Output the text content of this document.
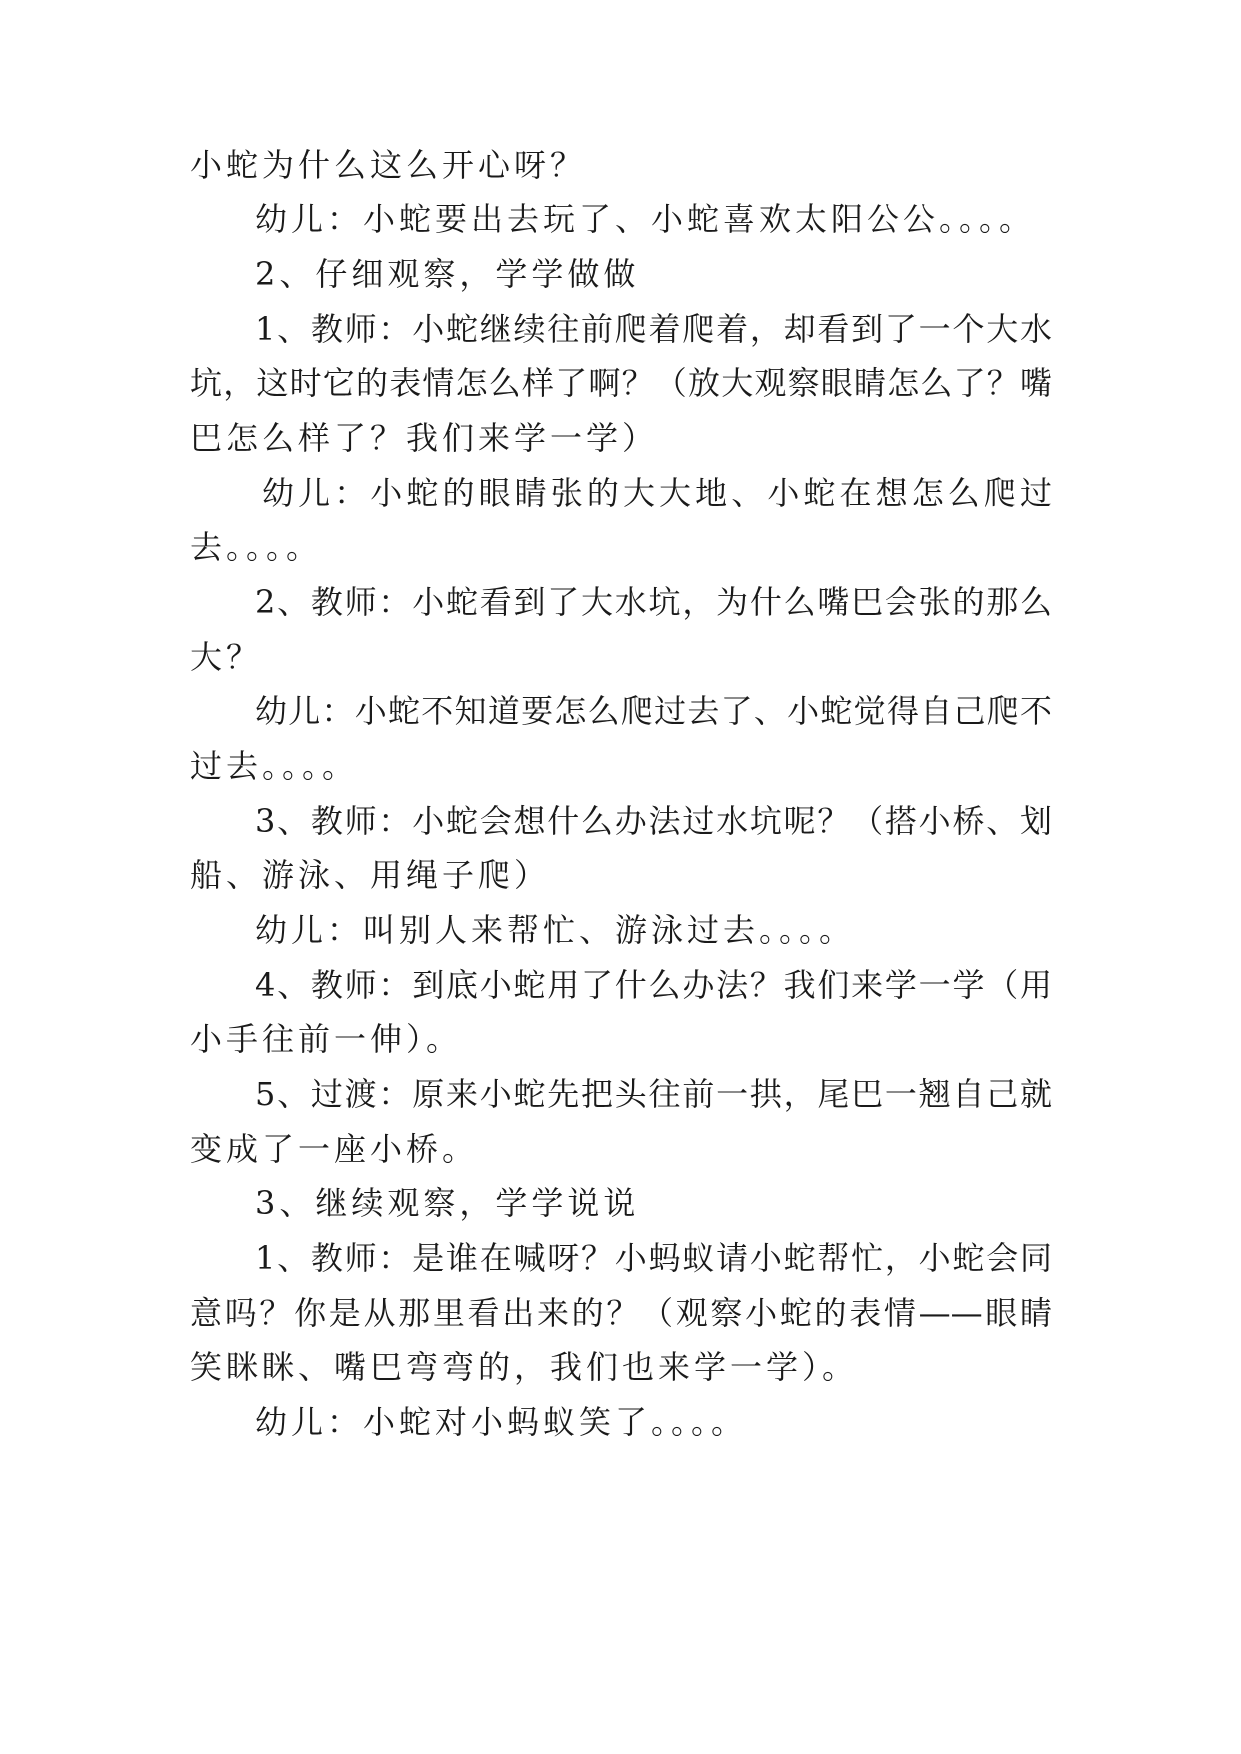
小蛇为什么这么开心呀？
幼儿：小蛇要出去玩了、小蛇喜欢太阳公公。。。。
2、仔细观察，学学做做
1、教师：小蛇继续往前爬着爬着，却看到了一个大水
坑，这时它的表情怎么样了啊？（放大观察眼睛怎么了？嘴
巴怎么样了？我们来学一学）
幼儿：小蛇的眼睛张的大大地、小蛇在想怎么爬过
去。。。。
2、教师：小蛇看到了大水坑，为什么嘴巴会张的那么
大？
幼儿：小蛇不知道要怎么爬过去了、小蛇觉得自己爬不
过去。。。。
3、教师：小蛇会想什么办法过水坑呢？（搭小桥、划
船、游泳、用绳子爬）
幼儿：叫别人来帮忙、游泳过去。。。。
4、教师：到底小蛇用了什么办法？我们来学一学（用
小手往前一伸）。
5、过渡：原来小蛇先把头往前一拱，尾巴一翘自己就
变成了一座小桥。
3、继续观察，学学说说
1、教师：是谁在喊呀？小蚂蚁请小蛇帮忙，小蛇会同
意吗？你是从那里看出来的？（观察小蛇的表情——眼睛
笑眯眯、嘴巴弯弯的，我们也来学一学）。
幼儿：小蛇对小蚂蚁笑了。。。。
